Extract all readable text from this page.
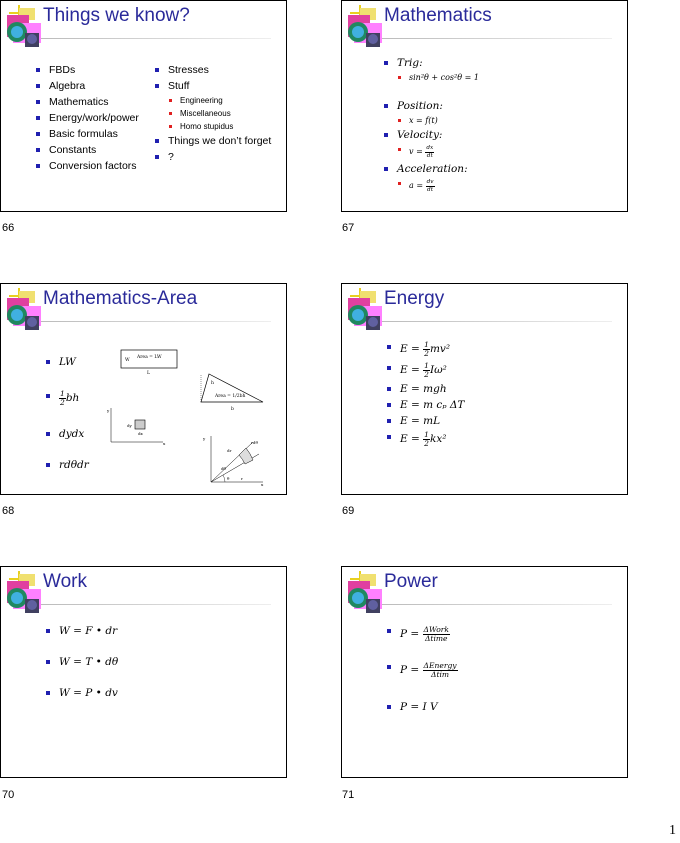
Things we know?
FBDs
Algebra
Mathematics
Energy/work/power
Basic formulas
Constants
Conversion factors
Stresses
Stuff
Engineering
Miscellaneous
Homo stupidus
Things we don’t forget
?
66
Mathematics
Trig:
sin²θ + cos²θ = 1
Position:
x = f(t)
Velocity:
$v = \frac{dx}{dt}$
Acceleration:
$a = \frac{dv}{dt}$
67
Mathematics-Area
LW
$\frac{1}{2}$ bh
dydx
rdθdr
Area = LW
W
L
h
Area = 1/2bh
b
dy
dx
y
x
y
x
rdθ
dr
dθ
r
θ
68
Energy
$E = \frac{1}{2} mv^2$
$E = \frac{1}{2} I\omega^2$
E = mgh
E = m cₚ ΔT
E = mL
$E = \frac{1}{2} kx^2$
69
Work
W = F • dr
W = T • dθ
W = P • dv
70
Power
$P = \frac{\text{ΔWork}}{\text{Δtime}}$
$P = \frac{\text{ΔEnergy}}{\text{Δtim}}$
P = I V
71
1
